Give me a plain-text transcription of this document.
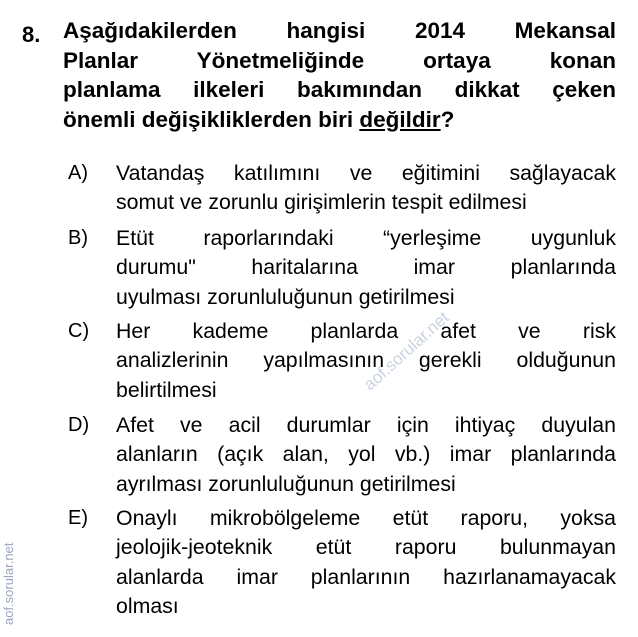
8. Aşağıdakilerden hangisi 2014 Mekansal
Planlar Yönetmeliğinde ortaya konan
planlama ilkeleri bakımından dikkat çeken
önemli değişikliklerden biri değildir?
A) Vatandaş katılımını ve eğitimini sağlayacak
somut ve zorunlu girişimlerin tespit edilmesi
B) Etüt raporlarındaki “yerleşime uygunluk
durumu" haritalarına imar planlarında
uyulması zorunluluğunun getirilmesi
C) Her kademe planlarda afet ve risk
analizlerinin yapılmasının gerekli olduğunun
belirtilmesi
D) Afet ve acil durumlar için ihtiyaç duyulan
alanların (açık alan, yol vb.) imar planlarında
ayrılması zorunluluğunun getirilmesi
E) Onaylı mikrobölgeleme etüt raporu, yoksa
jeolojik-jeoteknik etüt raporu bulunmayan
alanlarda imar planlarının hazırlanamayacak
olması
aof.sorular.net
aof.sorular.net
